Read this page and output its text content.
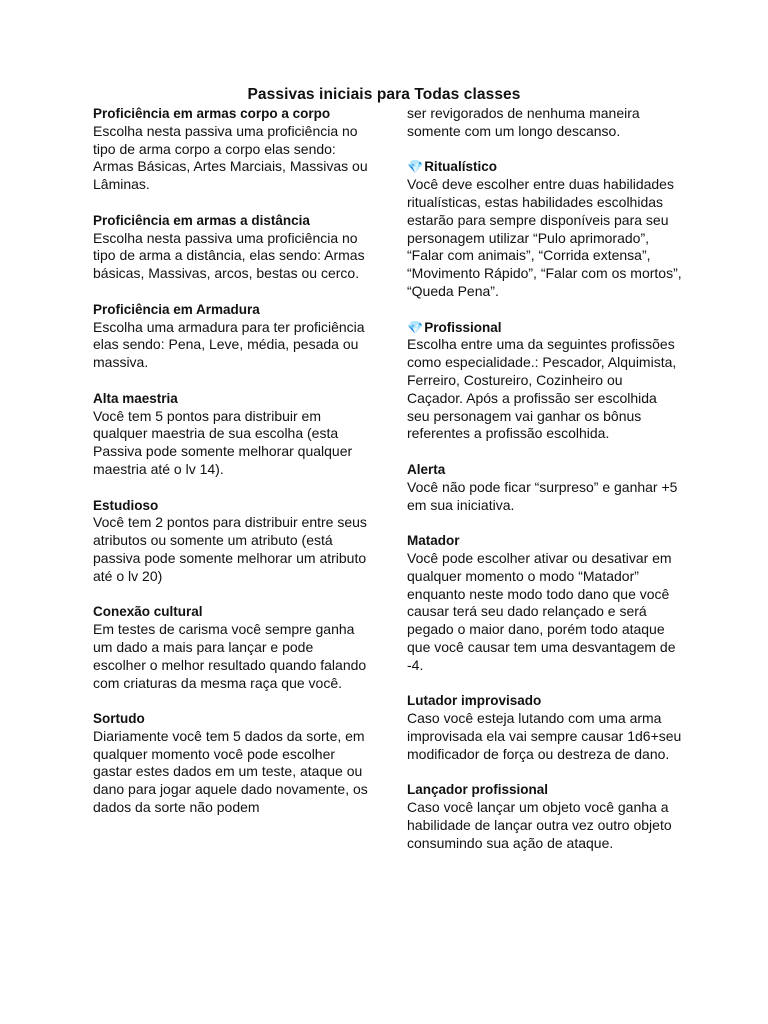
Passivas iniciais para Todas classes
Proficiência em armas corpo a corpo
Escolha nesta passiva uma proficiência no tipo de arma corpo a corpo elas sendo: Armas Básicas, Artes Marciais, Massivas ou Lâminas.
Proficiência em armas a distância
Escolha nesta passiva uma proficiência no tipo de arma a distância, elas sendo: Armas básicas, Massivas, arcos, bestas ou cerco.
Proficiência em Armadura
Escolha uma armadura para ter proficiência elas sendo: Pena, Leve, média, pesada ou massiva.
Alta maestria
Você tem 5 pontos para distribuir em qualquer maestria de sua escolha (esta Passiva pode somente melhorar qualquer maestria até o lv 14).
Estudioso
Você tem 2 pontos para distribuir entre seus atributos ou somente um atributo (está passiva pode somente melhorar um atributo até o lv 20)
Conexão cultural
Em testes de carisma você sempre ganha um dado a mais para lançar e pode escolher o melhor resultado quando falando com criaturas da mesma raça que você.
Sortudo
Diariamente você tem 5 dados da sorte, em qualquer momento você pode escolher gastar estes dados em um teste, ataque ou dano para jogar aquele dado novamente, os dados da sorte não podem
ser revigorados de nenhuma maneira somente com um longo descanso.
💎Ritualístico
Você deve escolher entre duas habilidades ritualísticas, estas habilidades escolhidas estarão para sempre disponíveis para seu personagem utilizar “Pulo aprimorado”, “Falar com animais”, “Corrida extensa”, “Movimento Rápido”, “Falar com os mortos”, “Queda Pena”.
💎Profissional
Escolha entre uma da seguintes profissões como especialidade.: Pescador, Alquimista, Ferreiro, Costureiro, Cozinheiro ou Caçador. Após a profissão ser escolhida seu personagem vai ganhar os bônus referentes a profissão escolhida.
Alerta
Você não pode ficar “surpreso” e ganhar +5 em sua iniciativa.
Matador
Você pode escolher ativar ou desativar em qualquer momento o modo “Matador” enquanto neste modo todo dano que você causar terá seu dado relançado e será pegado o maior dano, porém todo ataque que você causar tem uma desvantagem de -4.
Lutador improvisado
Caso você esteja lutando com uma arma improvisada ela vai sempre causar 1d6+seu modificador de força ou destreza de dano.
Lançador profissional
Caso você lançar um objeto você ganha a habilidade de lançar outra vez outro objeto consumindo sua ação de ataque.
